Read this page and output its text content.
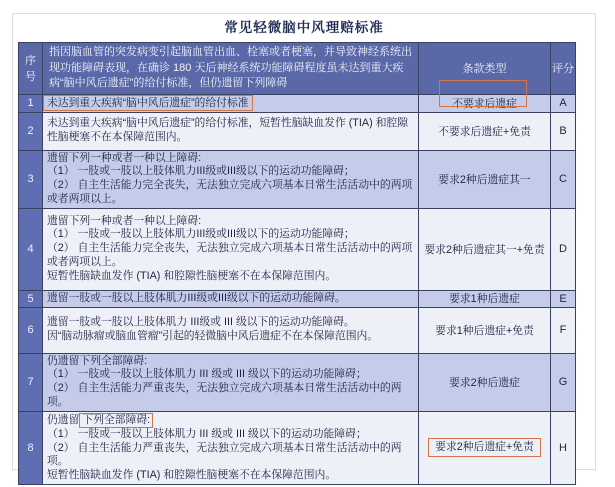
常见轻微脑中风理赔标准
序号	指因脑血管的突发病变引起脑血管出血、栓塞或者梗塞，并导致神经系统出现功能障碍表现，在确诊 180 天后神经系统功能障碍程度虽未达到重大疾病“脑中风后遗症”的给付标准，但仍遗留下列障碍	条款类型	评分
1	未达到重大疾病“脑中风后遗症”的给付标准	不要求后遗症	A
2	未达到重大疾病“脑中风后遗症”的给付标准，短暂性脑缺血发作 (TIA) 和腔隙性脑梗塞不在本保障范围内。	不要求后遗症+免责	B
3	遗留下列一种或者一种以上障碍:
（1） 一肢或一肢以上肢体肌力III级或III级以下的运动功能障碍；
（2） 自主生活能力完全丧失，无法独立完成六项基本日常生活活动中的两项或者两项以上。	要求2种后遗症其一	C
4	遗留下列一种或者一种以上障碍:
（1） 一肢或一肢以上肢体肌力III级或III级以下的运动功能障碍；
（2） 自主生活能力完全丧失，无法独立完成六项基本日常生活活动中的两项或者两项以上。
短暂性脑缺血发作 (TIA) 和腔隙性脑梗塞不在本保障范围内。	要求2种后遗症其一+免责	D
5	遗留一肢或一肢以上肢体肌力III级或III级以下的运动功能障碍。	要求1种后遗症	E
6	遗留一肢或一肢以上肢体肌力 III级或 III 级以下的运动功能障碍。
因“脑动脉瘤或脑血管瘤”引起的轻微脑中风后遗症不在本保障范围内。	要求1种后遗症+免责	F
7	仍遗留下列全部障碍:
（1） 一肢或一肢以上肢体肌力 III 级或 III 级以下的运动功能障碍；
（2） 自主生活能力严重丧失，无法独立完成六项基本日常生活活动中的两项。	要求2种后遗症	G
8	仍遗留 下列全部障碍:
（1） 一肢或一肢以上肢体肌力 III 级或 III 级以下的运动功能障碍；
（2） 自主生活能力严重丧失，无法独立完成六项基本日常生活活动中的两项。
短暂性脑缺血发作 (TIA) 和腔隙性脑梗塞不在本保障范围内。	要求2种后遗症+免责	H
